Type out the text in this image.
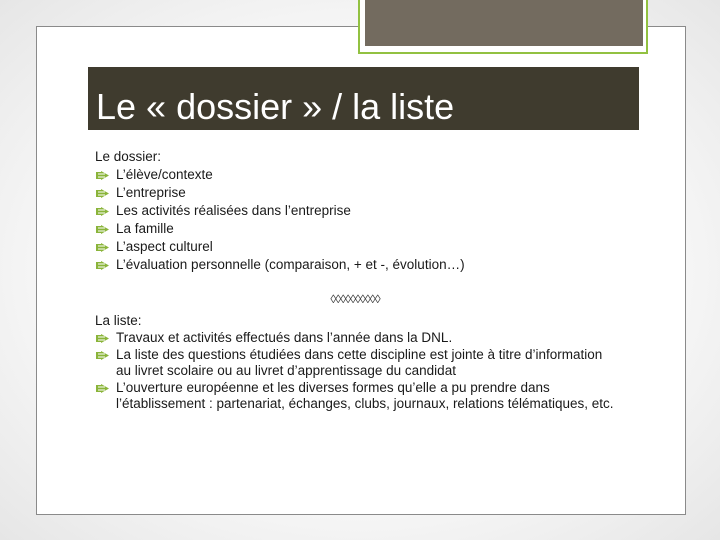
Le « dossier » / la liste
Le dossier:
L’élève/contexte
L’entreprise
Les activités réalisées dans l’entreprise
La famille
L’aspect culturel
L’évaluation personnelle (comparaison, + et -, évolution…)
◊◊◊◊◊◊◊◊◊◊
La liste:
Travaux et activités effectués dans l’année dans la DNL.
La liste des questions étudiées dans cette discipline est jointe à titre d’information au livret scolaire ou au livret d’apprentissage du candidat
L’ouverture européenne et les diverses formes qu’elle a pu prendre dans l’établissement : partenariat, échanges, clubs, journaux, relations télématiques, etc.
